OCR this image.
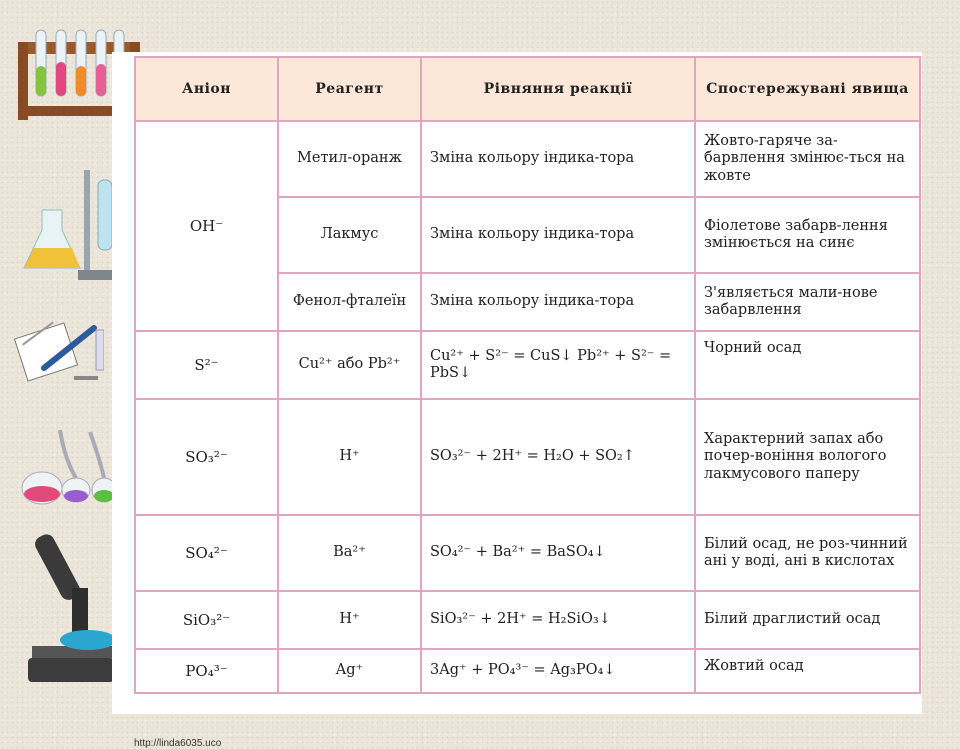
Аніон	Реагент	Рівняння реакції	Спостережувані явища
OH⁻	Метил-оранж	Зміна кольору індика-тора	Жовто-гаряче за-барвлення змінює-ться на жовте
	Лакмус	Зміна кольору індика-тора	Фіолетове забарв-лення змінюється на синє
	Фенол-фталеїн	Зміна кольору індика-тора	З'являється мали-нове забарвлення
S²⁻	Cu²⁺ або Pb²⁺	Cu²⁺ + S²⁻ = CuS↓ Pb²⁺ + S²⁻ = PbS↓	Чорний осад
SO₃²⁻	H⁺	SO₃²⁻ + 2H⁺ = H₂O + SO₂↑	Характерний запах або почер-воніння вологого лакмусового паперу
SO₄²⁻	Ba²⁺	SO₄²⁻ + Ba²⁺ = BaSO₄↓	Білий осад, не роз-чинний ані у воді, ані в кислотах
SiO₃²⁻	H⁺	SiO₃²⁻ + 2H⁺ = H₂SiO₃↓	Білий драглистий осад
PO₄³⁻	Ag⁺	3Ag⁺ + PO₄³⁻ = Ag₃PO₄↓	Жовтий осад
http://linda6035.uco
